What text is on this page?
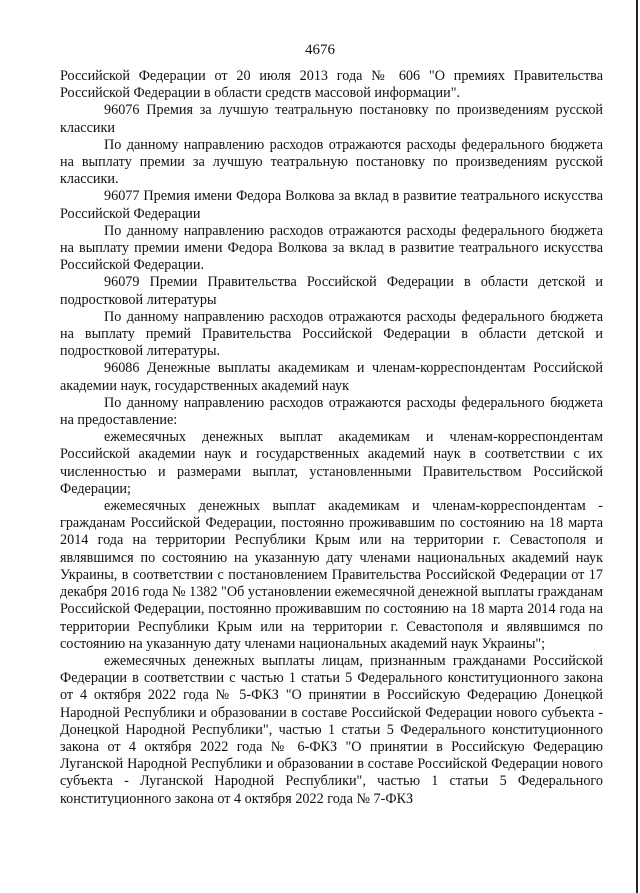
4676

Российской Федерации от 20 июля 2013 года № 606 "О премиях Правительства Российской Федерации в области средств массовой информации".

96076 Премия за лучшую театральную постановку по произведениям русской классики

По данному направлению расходов отражаются расходы федерального бюджета на выплату премии за лучшую театральную постановку по произведениям русской классики.

96077 Премия имени Федора Волкова за вклад в развитие театрального искусства Российской Федерации

По данному направлению расходов отражаются расходы федерального бюджета на выплату премии имени Федора Волкова за вклад в развитие театрального искусства Российской Федерации.

96079 Премии Правительства Российской Федерации в области детской и подростковой литературы

По данному направлению расходов отражаются расходы федерального бюджета на выплату премий Правительства Российской Федерации в области детской и подростковой литературы.

96086 Денежные выплаты академикам и членам-корреспондентам Российской академии наук, государственных академий наук

По данному направлению расходов отражаются расходы федерального бюджета на предоставление:

ежемесячных денежных выплат академикам и членам-корреспондентам Российской академии наук и государственных академий наук в соответствии с их численностью и размерами выплат, установленными Правительством Российской Федерации;

ежемесячных денежных выплат академикам и членам-корреспондентам - гражданам Российской Федерации, постоянно проживавшим по состоянию на 18 марта 2014 года на территории Республики Крым или на территории г. Севастополя и являвшимся по состоянию на указанную дату членами национальных академий наук Украины, в соответствии с постановлением Правительства Российской Федерации от 17 декабря 2016 года № 1382 "Об установлении ежемесячной денежной выплаты гражданам Российской Федерации, постоянно проживавшим по состоянию на 18 марта 2014 года на территории Республики Крым или на территории г. Севастополя и являвшимся по состоянию на указанную дату членами национальных академий наук Украины";

ежемесячных денежных выплаты лицам, признанным гражданами Российской Федерации в соответствии с частью 1 статьи 5 Федерального конституционного закона от 4 октября 2022 года № 5-ФКЗ "О принятии в Российскую Федерацию Донецкой Народной Республики и образовании в составе Российской Федерации нового субъекта - Донецкой Народной Республики", частью 1 статьи 5 Федерального конституционного закона от 4 октября 2022 года № 6-ФКЗ "О принятии в Российскую Федерацию Луганской Народной Республики и образовании в составе Российской Федерации нового субъекта - Луганской Народной Республики", частью 1 статьи 5 Федерального конституционного закона от 4 октября 2022 года № 7-ФКЗ
